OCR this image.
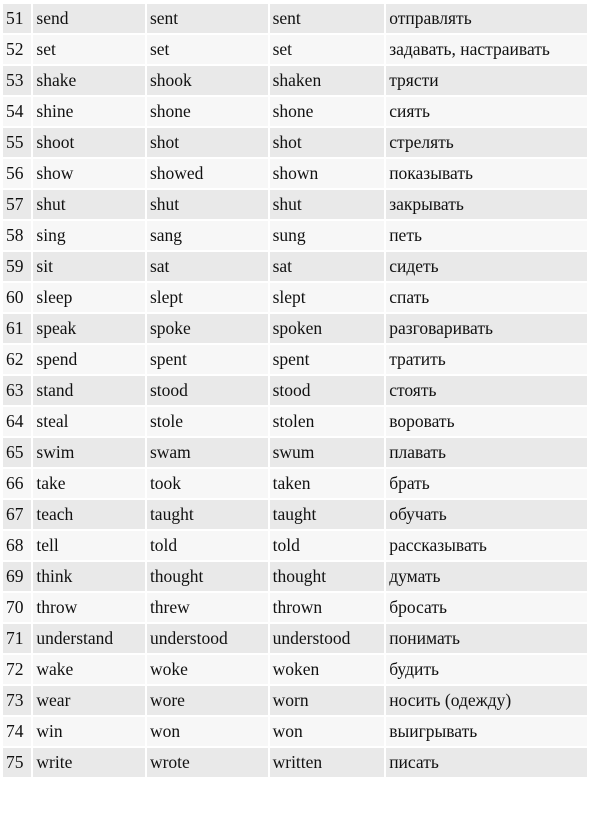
51	send	sent	sent	отправлять
52	set	set	set	задавать, настраивать
53	shake	shook	shaken	трясти
54	shine	shone	shone	сиять
55	shoot	shot	shot	стрелять
56	show	showed	shown	показывать
57	shut	shut	shut	закрывать
58	sing	sang	sung	петь
59	sit	sat	sat	сидеть
60	sleep	slept	slept	спать
61	speak	spoke	spoken	разговаривать
62	spend	spent	spent	тратить
63	stand	stood	stood	стоять
64	steal	stole	stolen	воровать
65	swim	swam	swum	плавать
66	take	took	taken	брать
67	teach	taught	taught	обучать
68	tell	told	told	рассказывать
69	think	thought	thought	думать
70	throw	threw	thrown	бросать
71	understand	understood	understood	понимать
72	wake	woke	woken	будить
73	wear	wore	worn	носить (одежду)
74	win	won	won	выигрывать
75	write	wrote	written	писать
